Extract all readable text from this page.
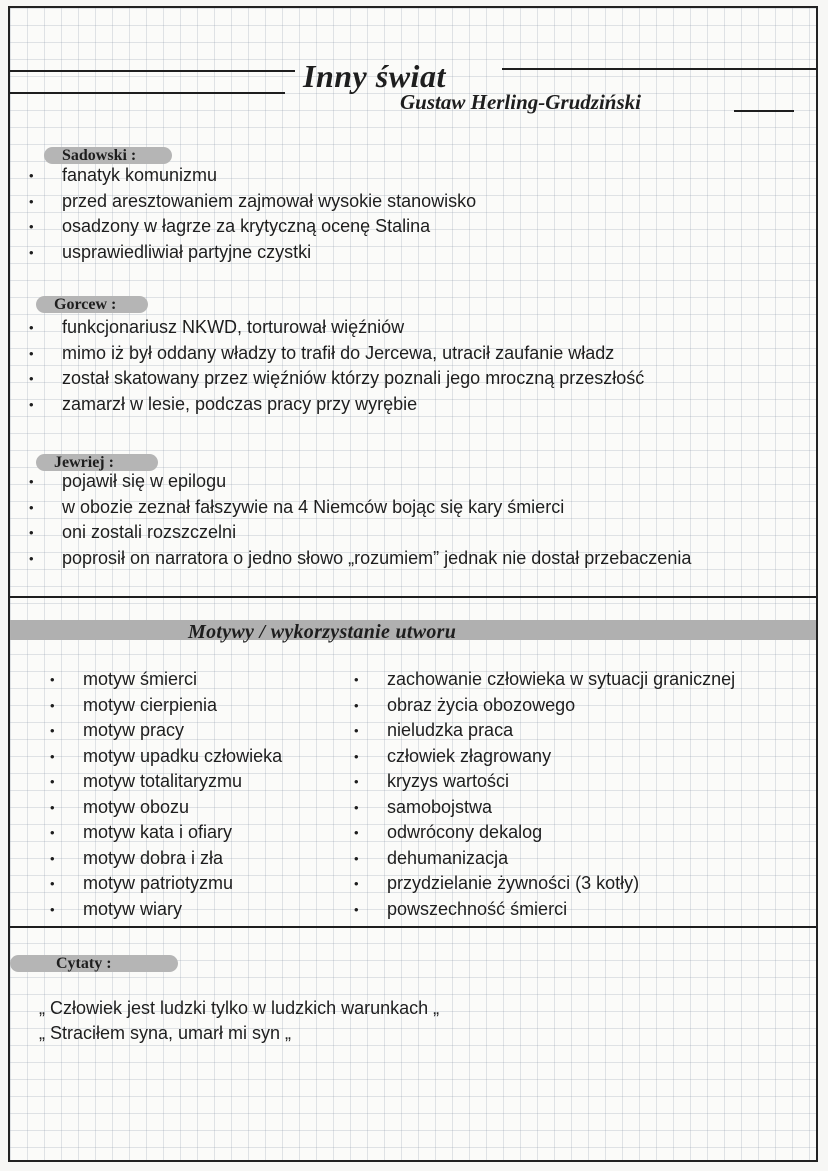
Inny świat
Gustaw Herling-Grudziński
Sadowski :
• fanatyk komunizmu
• przed aresztowaniem zajmował wysokie stanowisko
• osadzony w łagrze za krytyczną ocenę Stalina
• usprawiedliwiał partyjne czystki
Gorcew :
• funkcjonariusz NKWD, torturował więźniów
• mimo iż był oddany władzy to trafił do Jercewa, utracił zaufanie władz
• został skatowany przez więźniów którzy poznali jego mroczną przeszłość
• zamarzł w lesie, podczas pracy przy wyrębie
Jewriej :
• pojawił się w epilogu
• w obozie zeznał fałszywie na 4 Niemców bojąc się kary śmierci
• oni zostali rozszczelni
• poprosił on narratora o jedno słowo „rozumiem” jednak nie dostał przebaczenia
Motywy / wykorzystanie utworu
• motyw śmierci
• motyw cierpienia
• motyw pracy
• motyw upadku człowieka
• motyw totalitaryzmu
• motyw obozu
• motyw kata i ofiary
• motyw dobra i zła
• motyw patriotyzmu
• motyw wiary
• zachowanie człowieka w sytuacji granicznej
• obraz życia obozowego
• nieludzka praca
• człowiek złagrowany
• kryzys wartości
• samobojstwa
• odwrócony dekalog
• dehumanizacja
• przydzielanie żywności (3 kotły)
• powszechność śmierci
Cytaty :
„ Człowiek jest ludzki tylko w ludzkich warunkach „
„ Straciłem syna, umarł mi syn „
